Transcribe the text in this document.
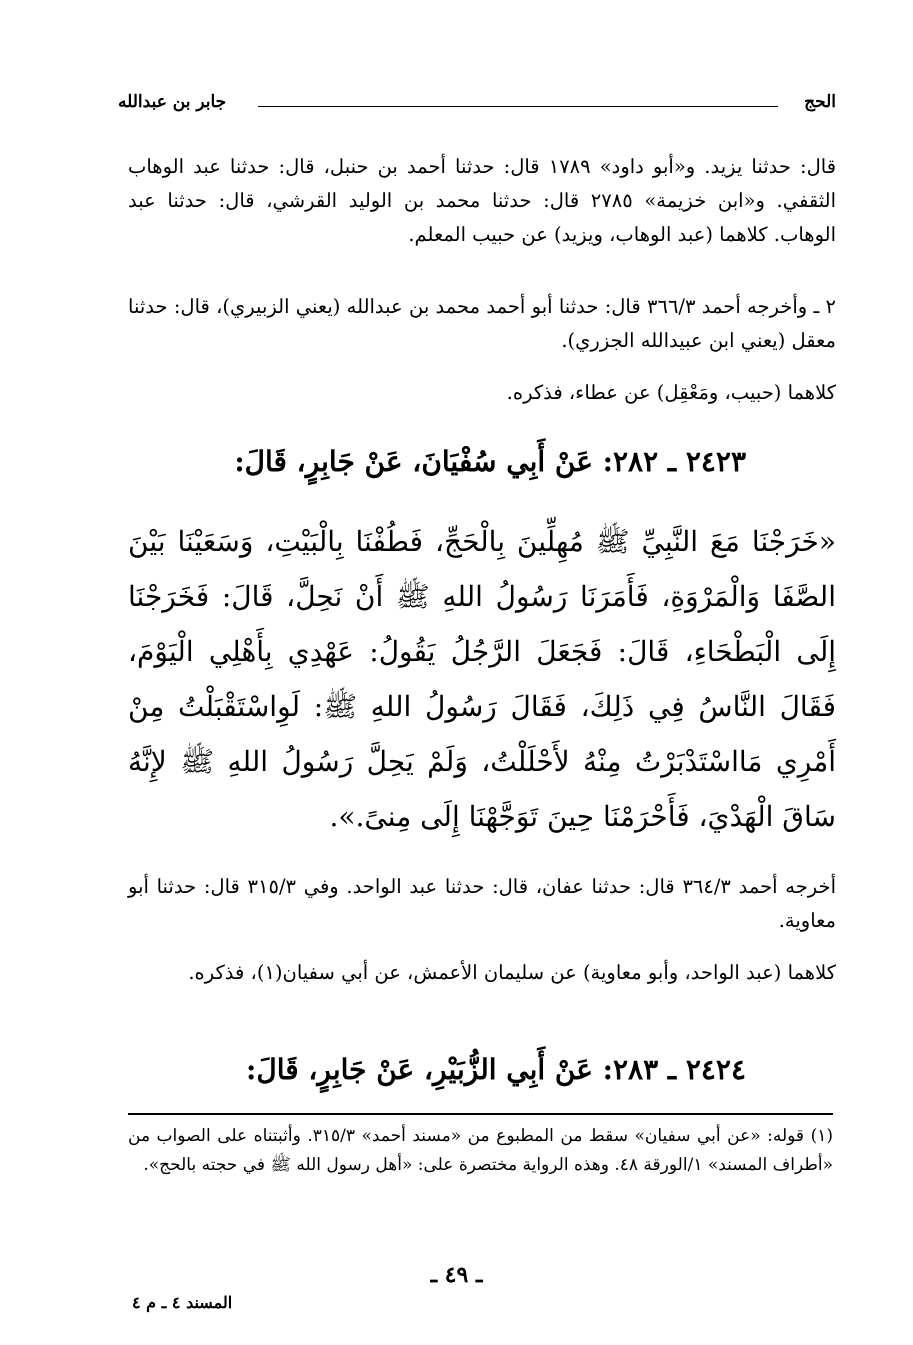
الحج
جابر بن عبدالله

قال: حدثنا يزيد. و«أبو داود» ١٧٨٩ قال: حدثنا أحمد بن حنبل، قال: حدثنا عبد الوهاب الثقفي. و«ابن خزيمة» ٢٧٨٥ قال: حدثنا محمد بن الوليد القرشي، قال: حدثنا عبد الوهاب. كلاهما (عبد الوهاب، ويزيد) عن حبيب المعلم.

٢ ـ وأخرجه أحمد ٣٦٦/٣ قال: حدثنا أبو أحمد محمد بن عبدالله (يعني الزبيري)، قال: حدثنا معقل (يعني ابن عبيدالله الجزري).

كلاهما (حبيب، ومَعْقِل) عن عطاء، فذكره.

٢٤٢٣ ـ ٢٨٢: عَنْ أَبِي سُفْيَانَ، عَنْ جَابِرٍ، قَالَ:

«خَرَجْنَا مَعَ النَّبِيِّ ﷺ مُهِلِّينَ بِالْحَجِّ، فَطُفْنَا بِالْبَيْتِ، وَسَعَيْنَا بَيْنَ الصَّفَا وَالْمَرْوَةِ، فَأَمَرَنَا رَسُولُ اللهِ ﷺ أَنْ نَحِلَّ، قَالَ: فَخَرَجْنَا إِلَى الْبَطْحَاءِ، قَالَ: فَجَعَلَ الرَّجُلُ يَقُولُ: عَهْدِي بِأَهْلِي الْيَوْمَ، فَقَالَ النَّاسُ فِي ذَلِكَ، فَقَالَ رَسُولُ اللهِ ﷺ: لَوِاسْتَقْبَلْتُ مِنْ أَمْرِي مَااسْتَدْبَرْتُ مِنْهُ لأَحْلَلْتُ، وَلَمْ يَحِلَّ رَسُولُ اللهِ ﷺ لإِنَّهُ سَاقَ الْهَدْيَ، فَأَحْرَمْنَا حِينَ تَوَجَّهْنَا إِلَى مِنىً.».

أخرجه أحمد ٣٦٤/٣ قال: حدثنا عفان، قال: حدثنا عبد الواحد. وفي ٣١٥/٣ قال: حدثنا أبو معاوية.

كلاهما (عبد الواحد، وأبو معاوية) عن سليمان الأعمش، عن أبي سفيان(١)، فذكره.

٢٤٢٤ ـ ٢٨٣: عَنْ أَبِي الزُّبَيْرِ، عَنْ جَابِرٍ، قَالَ:

(١) قوله: «عن أبي سفيان» سقط من المطبوع من «مسند أحمد» ٣١٥/٣. وأثبتناه على الصواب من «أطراف المسند» ١/الورقة ٤٨. وهذه الرواية مختصرة على: «أهل رسول الله ﷺ في حجته بالحج».
ـ ٤٩ ـ
المسند ٤ ـ م ٤
